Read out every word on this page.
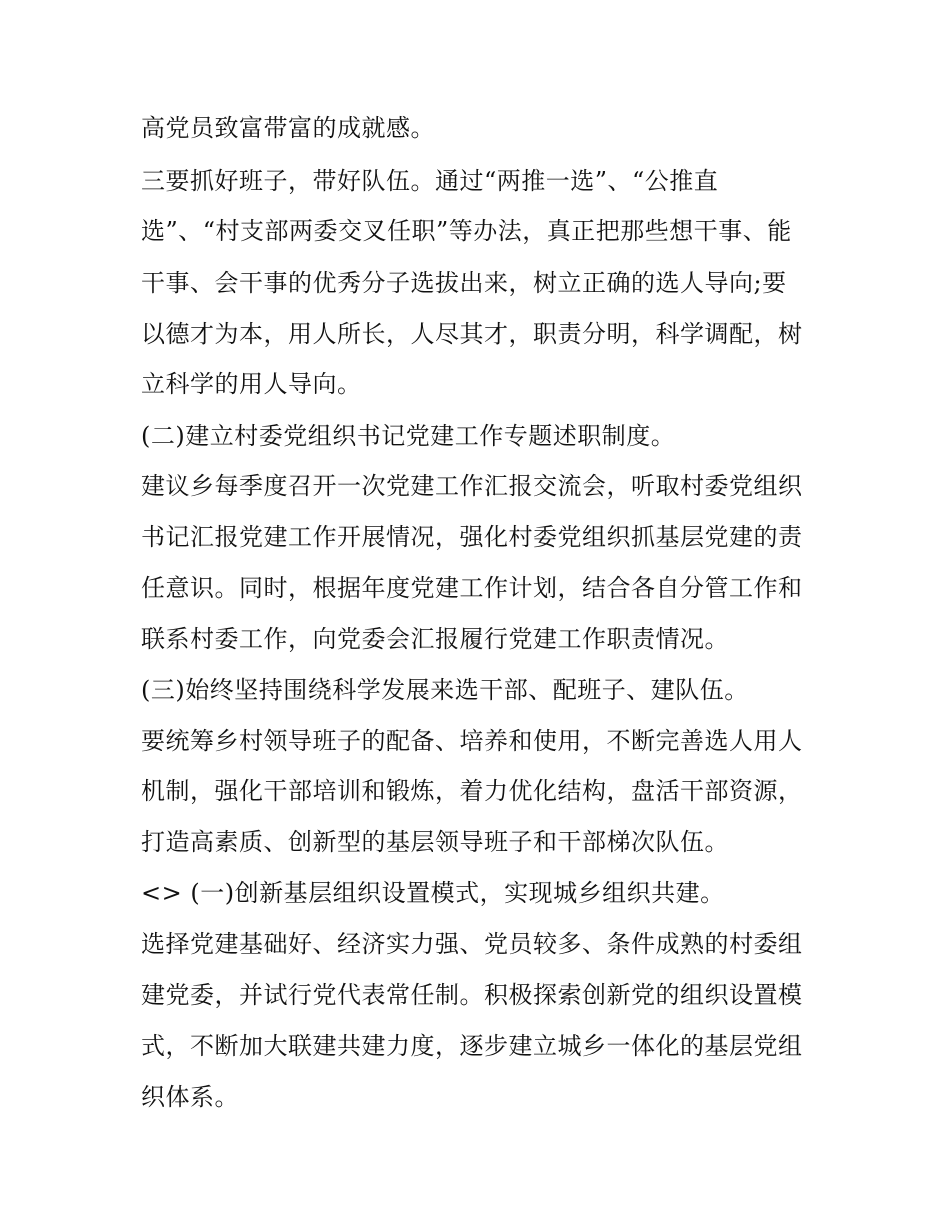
高党员致富带富的成就感。
三要抓好班子，带好队伍。通过“两推一选”、“公推直
选”、“村支部两委交叉任职”等办法，真正把那些想干事、能
干事、会干事的优秀分子选拔出来，树立正确的选人导向;要
以德才为本，用人所长，人尽其才，职责分明，科学调配，树
立科学的用人导向。
(二)建立村委党组织书记党建工作专题述职制度。
建议乡每季度召开一次党建工作汇报交流会，听取村委党组织
书记汇报党建工作开展情况，强化村委党组织抓基层党建的责
任意识。同时，根据年度党建工作计划，结合各自分管工作和
联系村委工作，向党委会汇报履行党建工作职责情况。
(三)始终坚持围绕科学发展来选干部、配班子、建队伍。
要统筹乡村领导班子的配备、培养和使用，不断完善选人用人
机制，强化干部培训和锻炼，着力优化结构，盘活干部资源，
打造高素质、创新型的基层领导班子和干部梯次队伍。
<> (一)创新基层组织设置模式，实现城乡组织共建。
选择党建基础好、经济实力强、党员较多、条件成熟的村委组
建党委，并试行党代表常任制。积极探索创新党的组织设置模
式，不断加大联建共建力度，逐步建立城乡一体化的基层党组
织体系。
